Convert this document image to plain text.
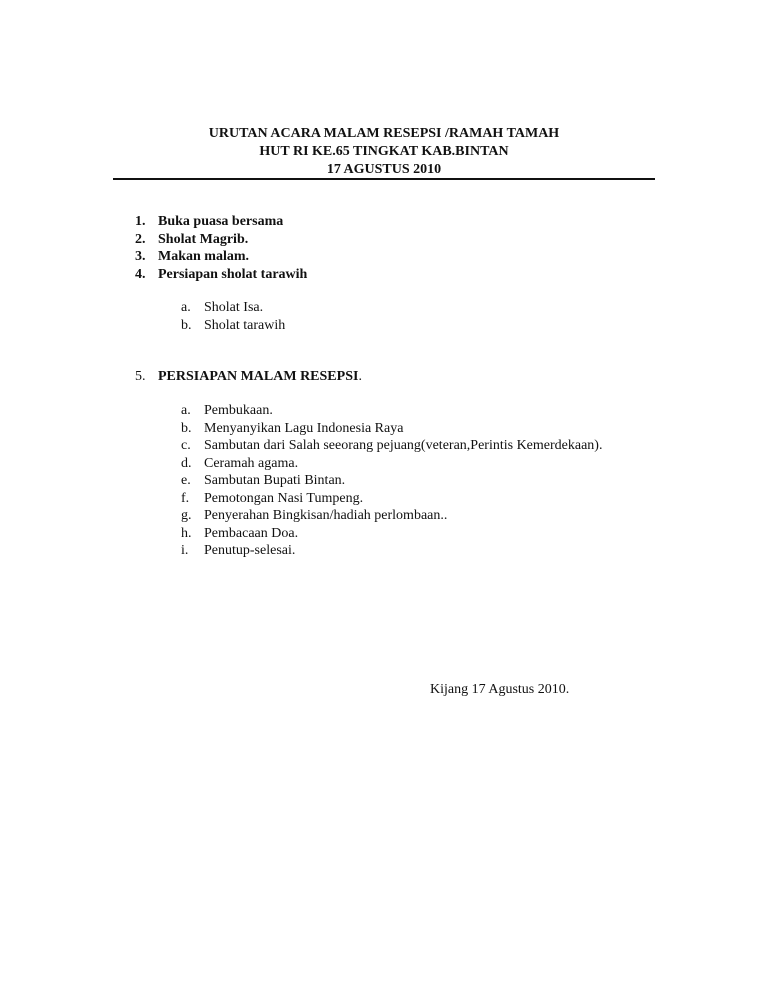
URUTAN ACARA MALAM RESEPSI /RAMAH TAMAH
HUT RI KE.65 TINGKAT KAB.BINTAN
17 AGUSTUS 2010
1. Buka puasa bersama
2. Sholat Magrib.
3. Makan malam.
4. Persiapan sholat tarawih
a. Sholat Isa.
b. Sholat tarawih
5. PERSIAPAN MALAM RESEPSI.
a. Pembukaan.
b. Menyanyikan Lagu Indonesia Raya
c. Sambutan dari Salah seeorang pejuang(veteran,Perintis Kemerdekaan).
d. Ceramah agama.
e. Sambutan Bupati Bintan.
f. Pemotongan Nasi Tumpeng.
g. Penyerahan Bingkisan/hadiah perlombaan..
h. Pembacaan Doa.
i. Penutup-selesai.
Kijang 17 Agustus 2010.
